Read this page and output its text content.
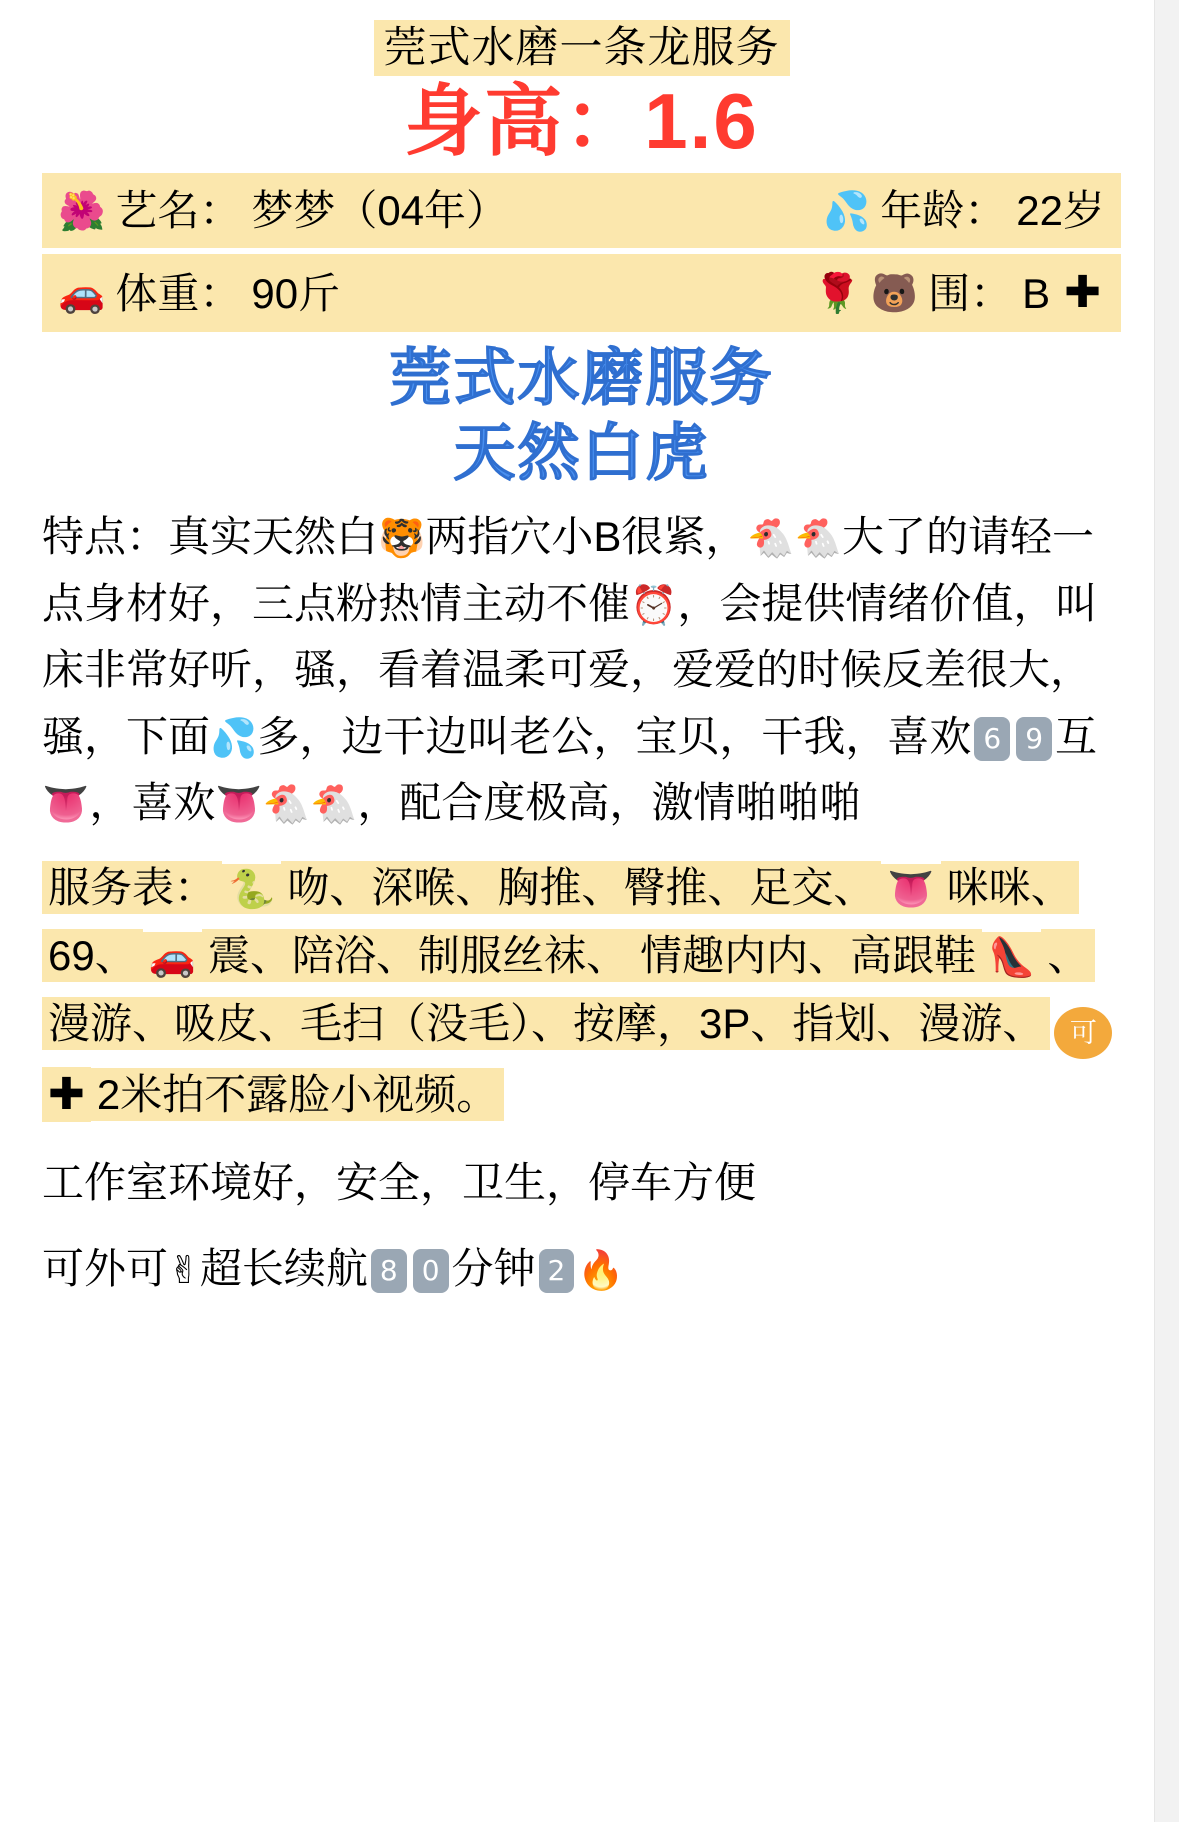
莞式水磨一条龙服务
身高：1.6
🌺 艺名： 梦梦（04年）	💦 年龄： 22岁
🚗 体重： 90斤	🌹 🐻 围： B ✚
莞式水磨服务
天然白虎
特点：真实天然白🐯两指穴小B很紧，🐔🐔大了的请轻一点身材好，三点粉热情主动不催⏰，会提供情绪价值，叫床非常好听，骚，看着温柔可爱，爱爱的时候反差很大，骚，下面💦多，边干边叫老公，宝贝，干我，喜欢 6 9 互👅，喜欢👅🐔🐔，配合度极高，激情啪啪啪
服务表： 🐍 吻、深喉、胸推、臀推、足交、 👅 咪咪、69、 🚗 震、陪浴、制服丝袜、 情趣内内、高跟鞋 👠 、漫游、吸皮、毛扫（没毛）、按摩，3P、指划、漫游、 可✚ 2米拍不露脸小视频。
工作室环境好，安全，卫生，停车方便
可外可✌超长续航 8 0 分钟 2 🔥
